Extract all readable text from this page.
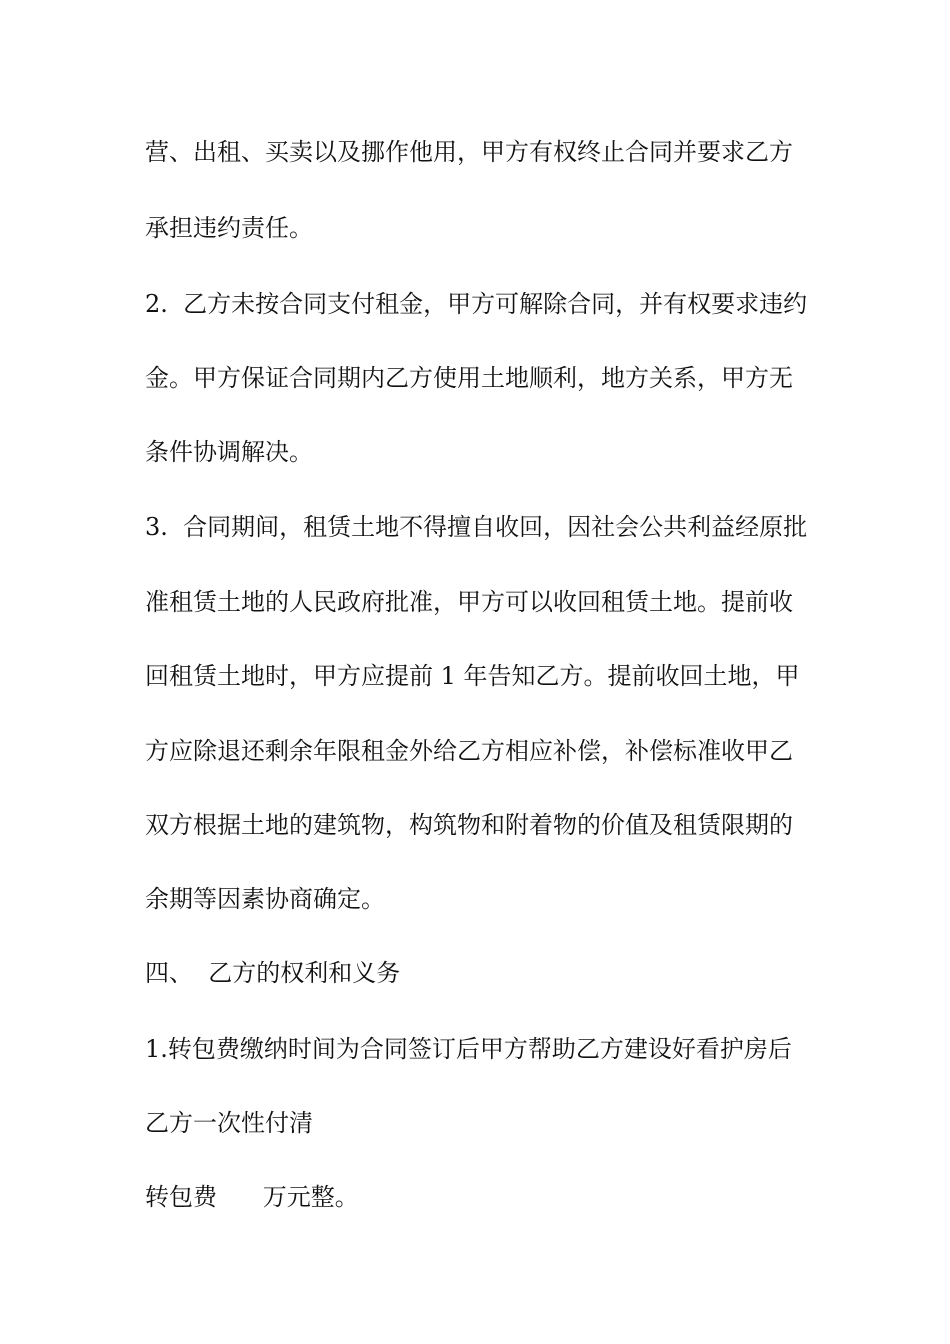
营、出租、买卖以及挪作他用，甲方有权终止合同并要求乙方
承担违约责任。
2.  乙方未按合同支付租金，甲方可解除合同，并有权要求违约
金。甲方保证合同期内乙方使用土地顺利，地方关系，甲方无
条件协调解决。
3.  合同期间，租赁土地不得擅自收回，因社会公共利益经原批
准租赁土地的人民政府批准，甲方可以收回租赁土地。提前收
回租赁土地时，甲方应提前 1 年告知乙方。提前收回土地，甲
方应除退还剩余年限租金外给乙方相应补偿，补偿标准收甲乙
双方根据土地的建筑物，构筑物和附着物的价值及租赁限期的
余期等因素协商确定。
四、  乙方的权利和义务
1.转包费缴纳时间为合同签订后甲方帮助乙方建设好看护房后
乙方一次性付清
转包费      万元整。
